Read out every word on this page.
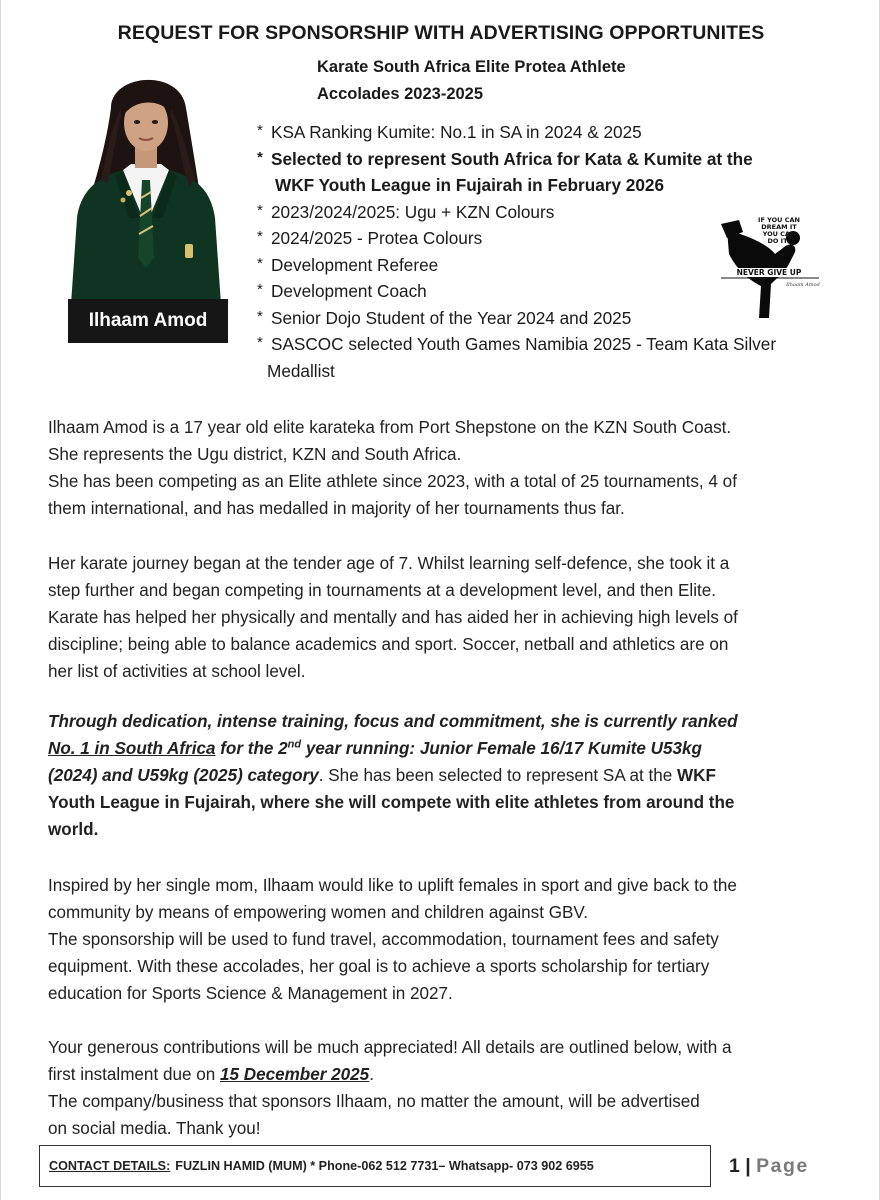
REQUEST FOR SPONSORSHIP WITH ADVERTISING OPPORTUNITES
Karate South Africa Elite Protea Athlete
Accolades 2023-2025
Ilhaam Amod
* KSA Ranking Kumite: No.1 in SA in 2024 & 2025
* Selected to represent South Africa for Kata & Kumite at the
WKF Youth League in Fujairah in February 2026
* 2023/2024/2025: Ugu + KZN Colours
* 2024/2025 - Protea Colours
* Development Referee
* Development Coach
* Senior Dojo Student of the Year 2024 and 2025
* SASCOC selected Youth Games Namibia 2025 - Team Kata Silver
Medallist
IF YOU CAN
DREAM IT
YOU CAN
DO IT!
NEVER GIVE UP
Ilhaam Amod
Ilhaam Amod is a 17 year old elite karateka from Port Shepstone on the KZN South Coast.
She represents the Ugu district, KZN and South Africa.
She has been competing as an Elite athlete since 2023, with a total of 25 tournaments, 4 of
them international, and has medalled in majority of her tournaments thus far.
Her karate journey began at the tender age of 7. Whilst learning self-defence, she took it a
step further and began competing in tournaments at a development level, and then Elite.
Karate has helped her physically and mentally and has aided her in achieving high levels of
discipline; being able to balance academics and sport. Soccer, netball and athletics are on
her list of activities at school level.
Through dedication, intense training, focus and commitment, she is currently ranked
No. 1 in South Africa for the 2nd year running: Junior Female 16/17 Kumite U53kg
(2024) and U59kg (2025) category. She has been selected to represent SA at the WKF
Youth League in Fujairah, where she will compete with elite athletes from around the
world.
Inspired by her single mom, Ilhaam would like to uplift females in sport and give back to the
community by means of empowering women and children against GBV.
The sponsorship will be used to fund travel, accommodation, tournament fees and safety
equipment. With these accolades, her goal is to achieve a sports scholarship for tertiary
education for Sports Science & Management in 2027.
Your generous contributions will be much appreciated! All details are outlined below, with a
first instalment due on 15 December 2025.
The company/business that sponsors Ilhaam, no matter the amount, will be advertised
on social media. Thank you!
CONTACT DETAILS: FUZLIN HAMID (MUM) * Phone-062 512 7731– Whatsapp- 073 902 6955	1 | Page
